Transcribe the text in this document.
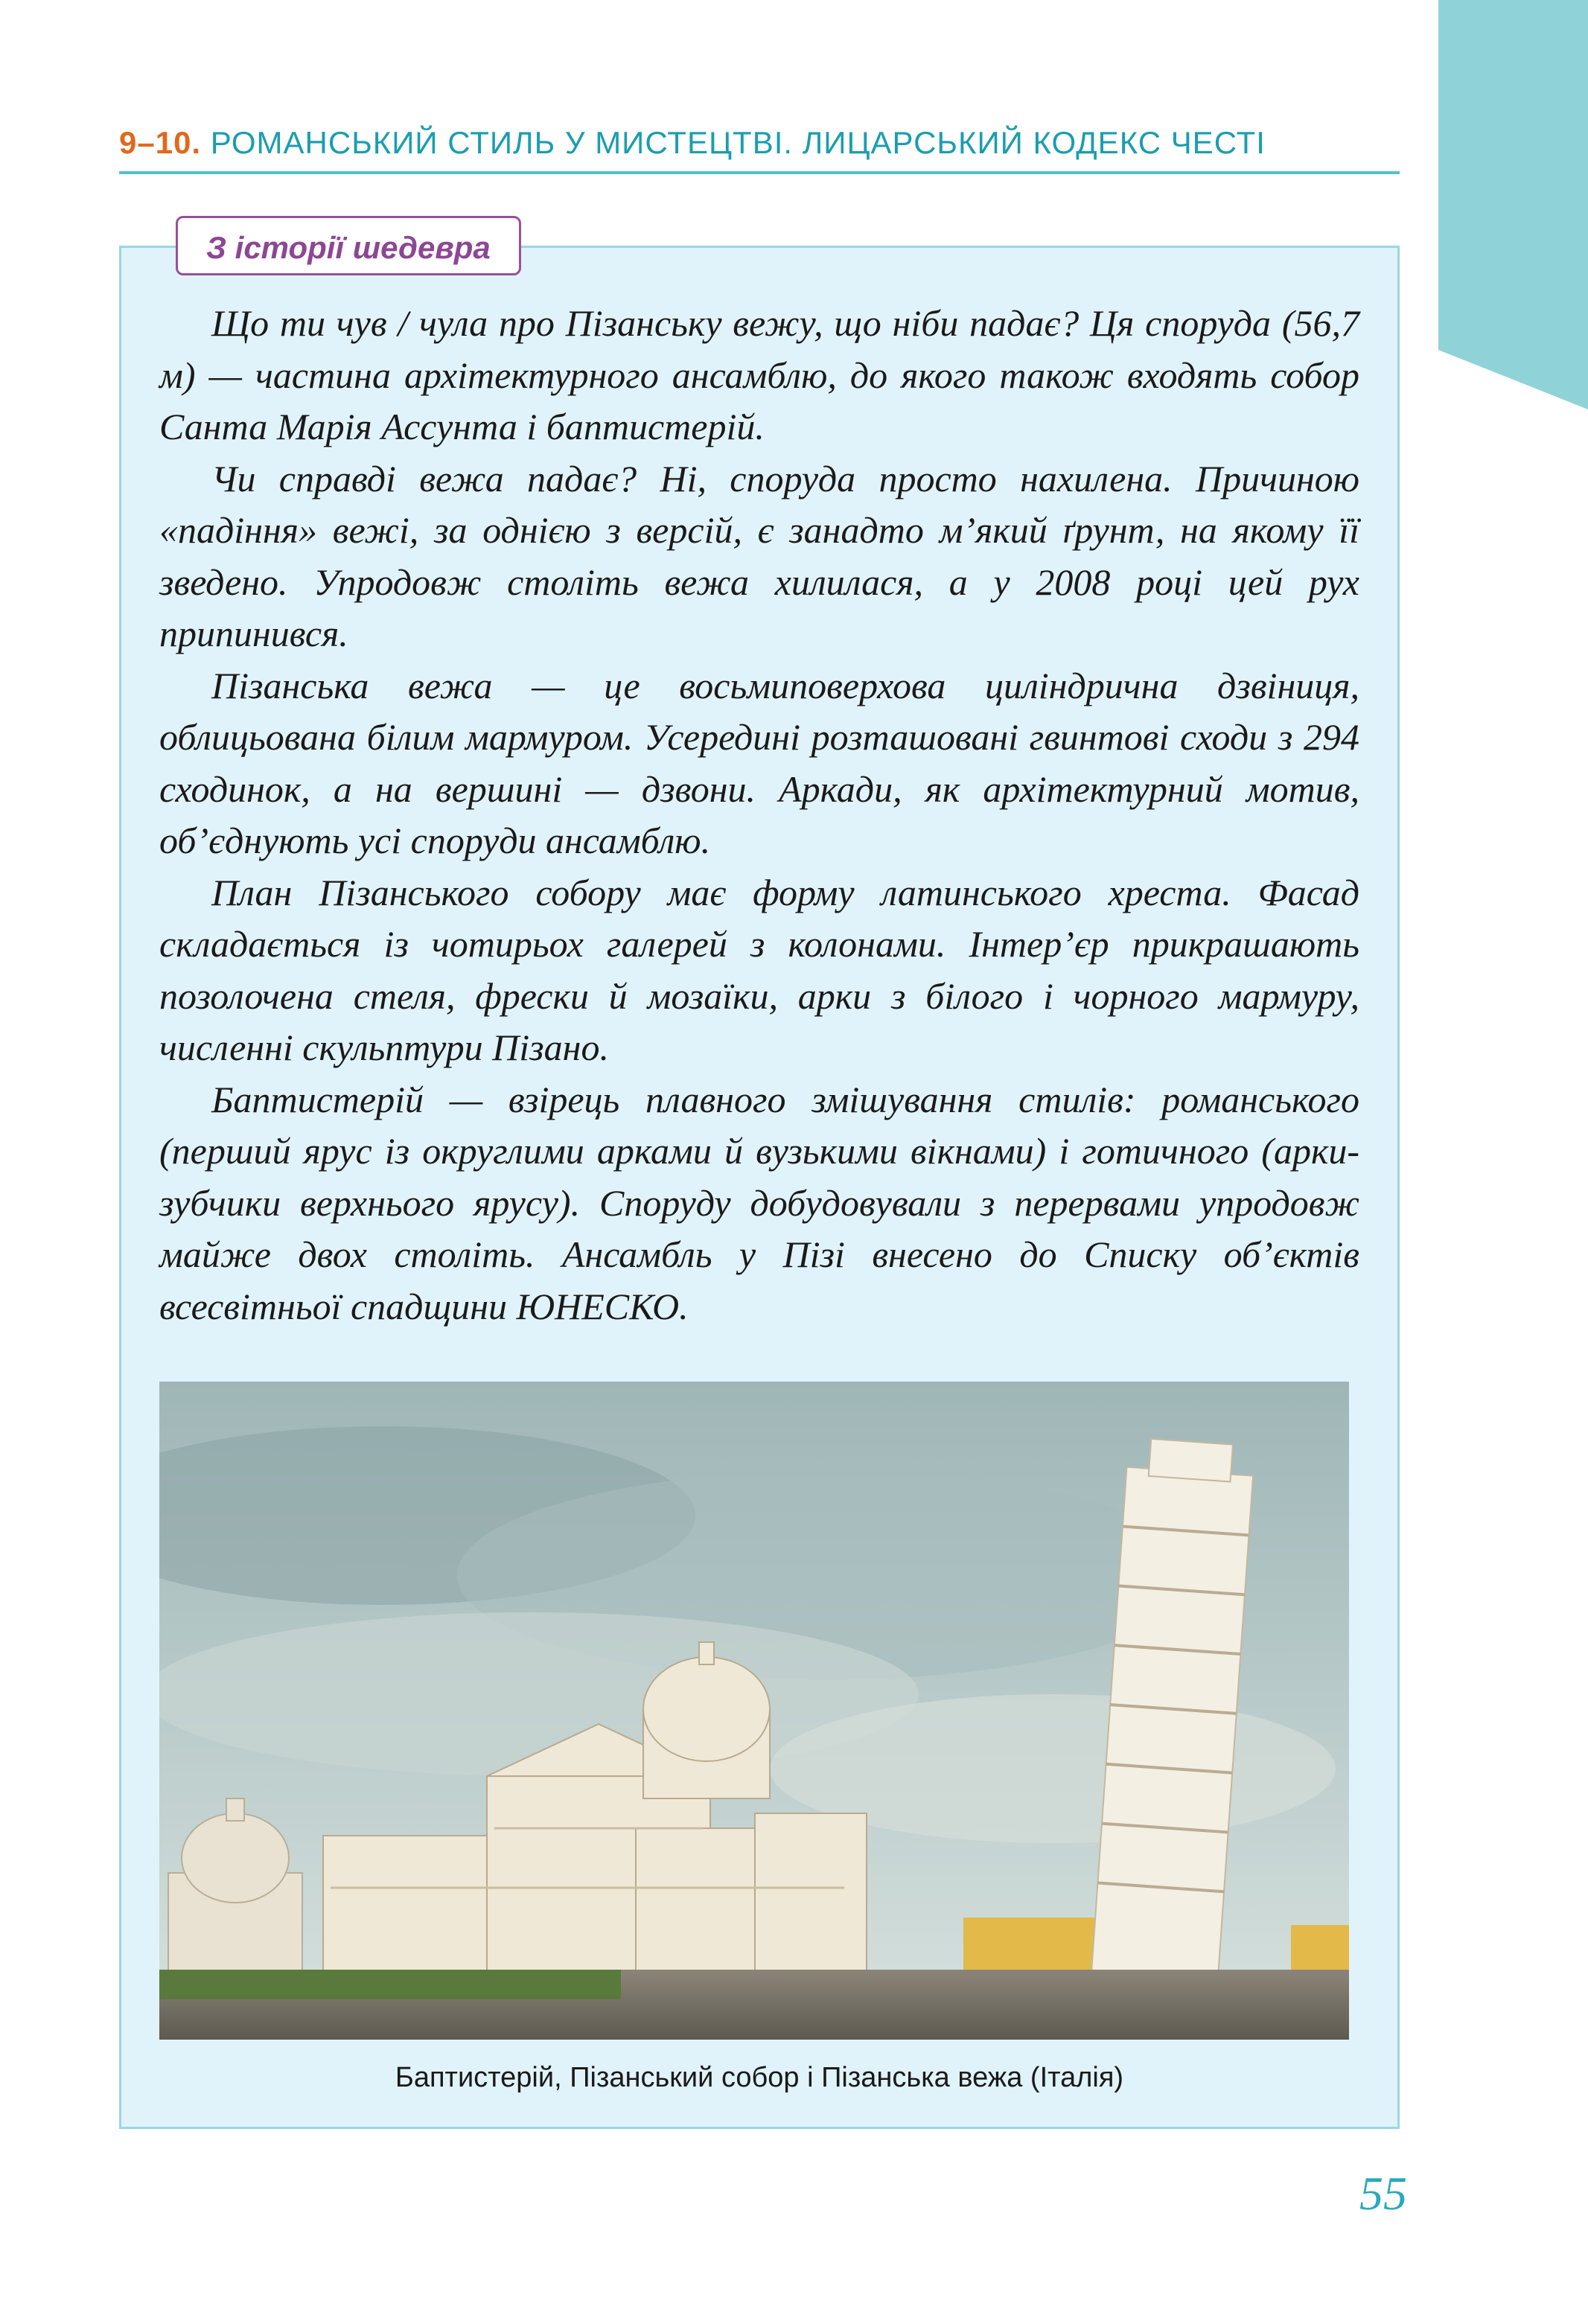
9–10. РОМАНСЬКИЙ СТИЛЬ У МИСТЕЦТВІ. ЛИЦАРСЬКИЙ КОДЕКС ЧЕСТІ
З історії шедевра

Що ти чув / чула про Пізанську вежу, що ніби падає? Ця споруда (56,7 м) — частина архітектурного ансамблю, до якого також входять собор Санта Марія Ассунта і баптистерій.

Чи справді вежа падає? Ні, споруда просто нахилена. Причиною «падіння» вежі, за однією з версій, є занадто м’який ґрунт, на якому її зведено. Упродовж століть вежа хилилася, а у 2008 році цей рух припинився.

Пізанська вежа — це восьмиповерхова циліндрична дзвіниця, облицьована білим мармуром. Усередині розташовані гвинтові сходи з 294 сходинок, а на вершині — дзвони. Аркади, як архітектурний мотив, об’єднують усі споруди ансамблю.

План Пізанського собору має форму латинського хреста. Фасад складається із чотирьох галерей з колонами. Інтер’єр прикрашають позолочена стеля, фрески й мозаїки, арки з білого і чорного мармуру, численні скульптури Пізано.

Баптистерій — взірець плавного змішування стилів: романського (перший ярус із округлими арками й вузькими вікнами) і готичного (арки-зубчики верхнього ярусу). Споруду добудовували з перервами упродовж майже двох століть. Ансамбль у Пізі внесено до Списку об’єктів всесвітньої спадщини ЮНЕСКО.

Баптистерій, Пізанський собор і Пізанська вежа (Італія)
55
